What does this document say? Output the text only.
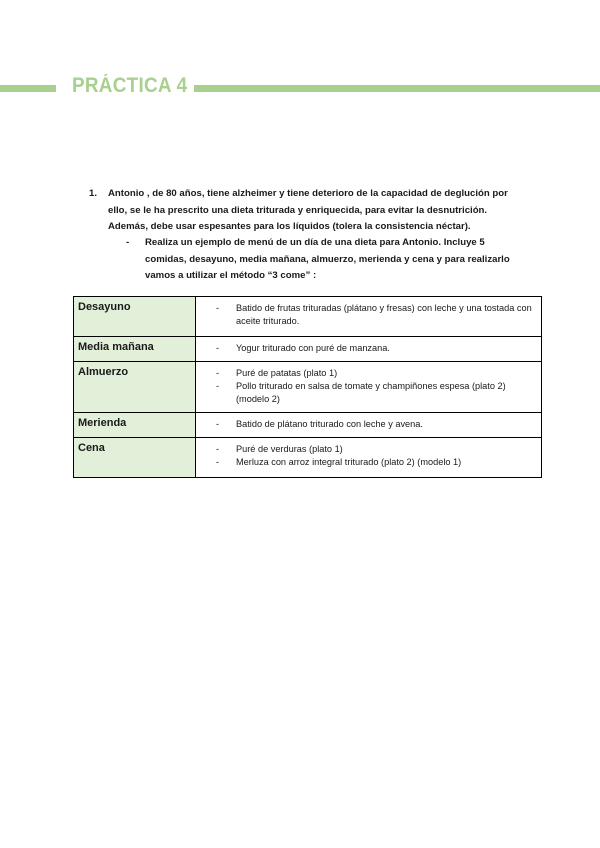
PRÁCTICA 4
1. Antonio , de 80 años, tiene alzheimer y tiene deterioro de la capacidad de deglución por ello, se le ha prescrito una dieta triturada y enriquecida, para evitar la desnutrición. Además, debe usar espesantes para los líquidos (tolera la consistencia néctar).
- Realiza un ejemplo de menú de un día de una dieta para Antonio. Incluye 5 comidas, desayuno, media mañana, almuerzo, merienda y cena y para realizarlo vamos a utilizar el método “3 come” :
Desayuno	- Batido de frutas trituradas (plátano y fresas) con leche y una tostada con aceite triturado.

Media mañana	- Yogur triturado con puré de manzana.

Almuerzo	- Puré de patatas (plato 1)
- Pollo triturado en salsa de tomate y champiñones espesa (plato 2) (modelo 2)

Merienda	- Batido de plátano triturado con leche y avena.

Cena	- Puré de verduras (plato 1)
- Merluza con arroz integral triturado (plato 2) (modelo 1)
